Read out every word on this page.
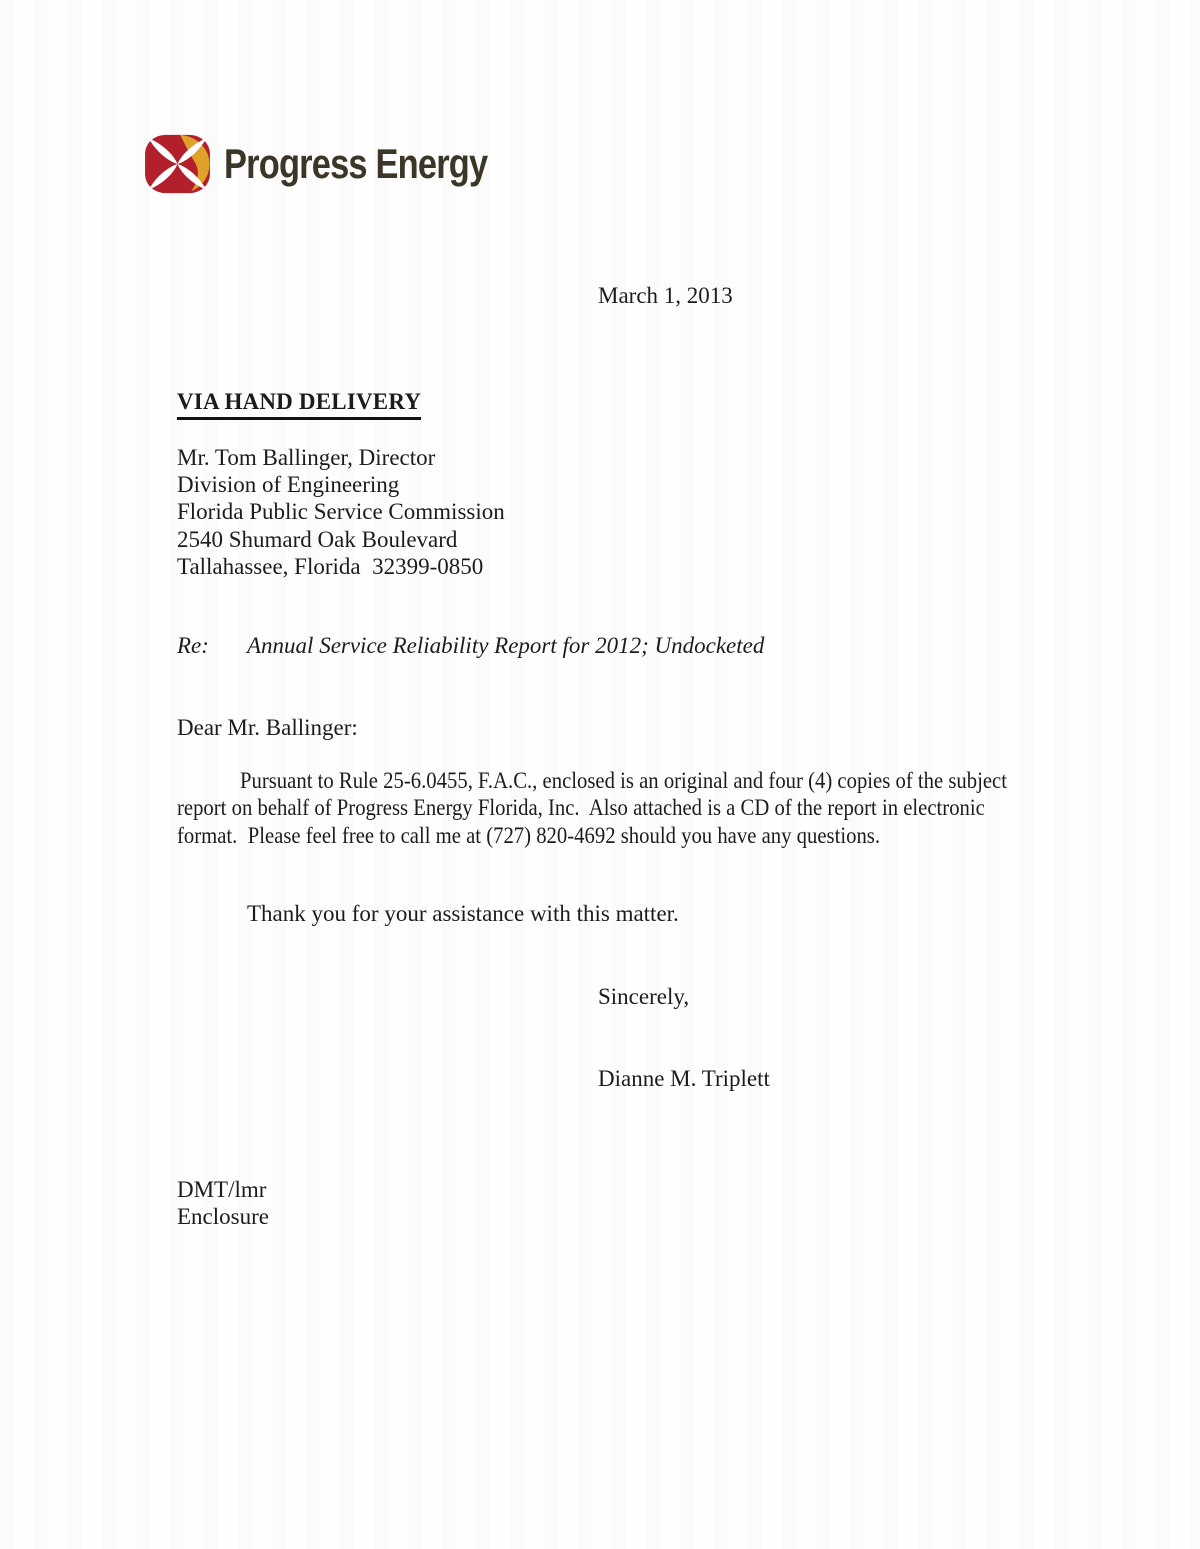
Progress Energy
March 1, 2013
VIA HAND DELIVERY
Mr. Tom Ballinger, Director
Division of Engineering
Florida Public Service Commission
2540 Shumard Oak Boulevard
Tallahassee, Florida  32399-0850
Re: Annual Service Reliability Report for 2012; Undocketed
Dear Mr. Ballinger:

Pursuant to Rule 25-6.0455, F.A.C., enclosed is an original and four (4) copies of the subject report on behalf of Progress Energy Florida, Inc.  Also attached is a CD of the report in electronic format.  Please feel free to call me at (727) 820-4692 should you have any questions.

Thank you for your assistance with this matter.

Sincerely,
Dianne M. Triplett
DMT/lmr
Enclosure
